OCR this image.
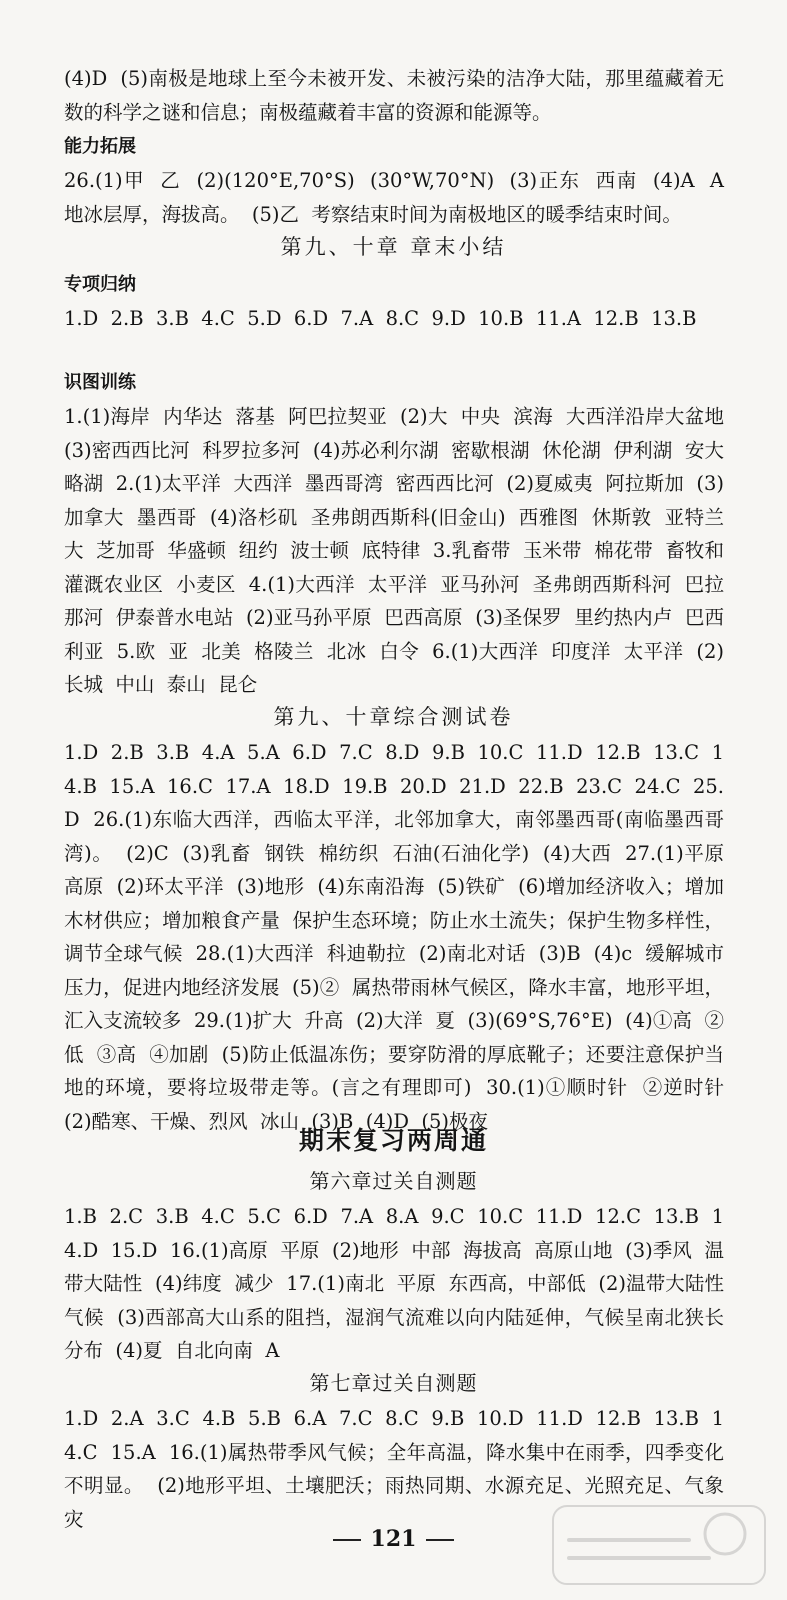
(4)D  (5)南极是地球上至今未被开发、未被污染的洁净大陆，那里蕴藏着无数的科学之谜和信息；南极蕴藏着丰富的资源和能源等。

能力拓展

26.(1)甲  乙  (2)(120°E,70°S)  (30°W,70°N)  (3)正东  西南  (4)A  A  地冰层厚，海拔高。  (5)乙  考察结束时间为南极地区的暖季结束时间。

第九、十章 章末小结

专项归纳

1.D  2.B  3.B  4.C  5.D  6.D  7.A  8.C  9.D  10.B  11.A  12.B  13.B

识图训练

1.(1)海岸  内华达  落基  阿巴拉契亚  (2)大  中央  滨海  大西洋沿岸大盆地  (3)密西西比河  科罗拉多河  (4)苏必利尔湖  密歇根湖  休伦湖  伊利湖  安大略湖  2.(1)太平洋  大西洋  墨西哥湾  密西西比河  (2)夏威夷  阿拉斯加  (3)加拿大  墨西哥  (4)洛杉矶  圣弗朗西斯科(旧金山)  西雅图  休斯敦  亚特兰大  芝加哥  华盛顿  纽约  波士顿  底特律  3.乳畜带  玉米带  棉花带  畜牧和灌溉农业区  小麦区  4.(1)大西洋  太平洋  亚马孙河  圣弗朗西斯科河  巴拉那河  伊泰普水电站  (2)亚马孙平原  巴西高原  (3)圣保罗  里约热内卢  巴西利亚  5.欧  亚  北美  格陵兰  北冰  白令  6.(1)大西洋  印度洋  太平洋  (2)长城  中山  泰山  昆仑

第九、十章综合测试卷

1.D  2.B  3.B  4.A  5.A  6.D  7.C  8.D  9.B  10.C  11.D  12.B  13.C  14.B  15.A  16.C  17.A  18.D  19.B  20.D  21.D  22.B  23.C  24.C  25.D  26.(1)东临大西洋，西临太平洋，北邻加拿大，南邻墨西哥(南临墨西哥湾)。  (2)C  (3)乳畜  钢铁  棉纺织  石油(石油化学)  (4)大西  27.(1)平原  高原  (2)环太平洋  (3)地形  (4)东南沿海  (5)铁矿  (6)增加经济收入；增加木材供应；增加粮食产量  保护生态环境；防止水土流失；保护生物多样性，调节全球气候  28.(1)大西洋  科迪勒拉  (2)南北对话  (3)B  (4)c  缓解城市压力，促进内地经济发展  (5)②  属热带雨林气候区，降水丰富，地形平坦，汇入支流较多  29.(1)扩大  升高  (2)大洋  夏  (3)(69°S,76°E)  (4)①高  ②低  ③高  ④加剧  (5)防止低温冻伤；要穿防滑的厚底靴子；还要注意保护当地的环境，要将垃圾带走等。(言之有理即可)  30.(1)①顺时针  ②逆时针  (2)酷寒、干燥、烈风  冰山  (3)B  (4)D  (5)极夜

期末复习两周通

第六章过关自测题

1.B  2.C  3.B  4.C  5.C  6.D  7.A  8.A  9.C  10.C  11.D  12.C  13.B  14.D  15.D  16.(1)高原  平原  (2)地形  中部  海拔高  高原山地  (3)季风  温带大陆性  (4)纬度  减少  17.(1)南北  平原  东西高，中部低  (2)温带大陆性气候  (3)西部高大山系的阻挡，湿润气流难以向内陆延伸，气候呈南北狭长分布  (4)夏  自北向南  A

第七章过关自测题

1.D  2.A  3.C  4.B  5.B  6.A  7.C  8.C  9.B  10.D  11.D  12.B  13.B  14.C  15.A  16.(1)属热带季风气候；全年高温，降水集中在雨季，四季变化不明显。  (2)地形平坦、土壤肥沃；雨热同期、水源充足、光照充足、气象灾

121
